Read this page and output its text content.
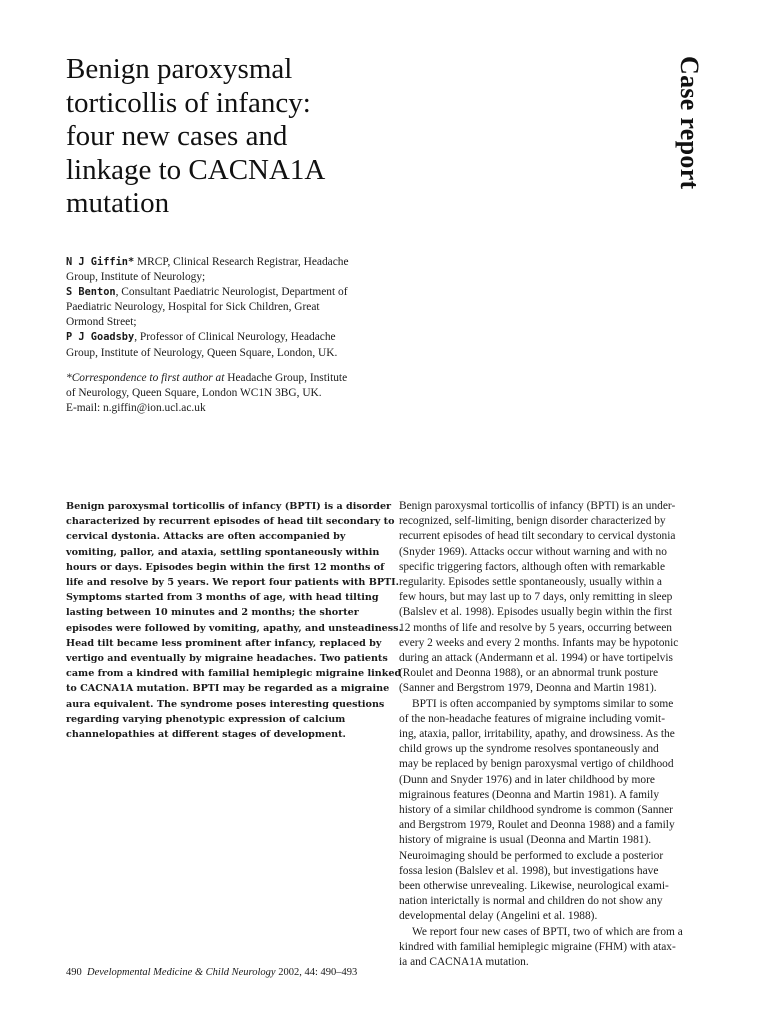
Benign paroxysmal
torticollis of infancy:
four new cases and
linkage to CACNA1A
mutation
Case report

N J Giffin* MRCP, Clinical Research Registrar, Headache

Group, Institute of Neurology;

S Benton, Consultant Paediatric Neurologist, Department of

Paediatric Neurology, Hospital for Sick Children, Great

Ormond Street;

P J Goadsby, Professor of Clinical Neurology, Headache

Group, Institute of Neurology, Queen Square, London, UK.

*Correspondence to first author at Headache Group, Institute

of Neurology, Queen Square, London WC1N 3BG, UK.

E-mail: n.giffin@ion.ucl.ac.uk

Benign paroxysmal torticollis of infancy (BPTI) is a disorder

characterized by recurrent episodes of head tilt secondary to

cervical dystonia. Attacks are often accompanied by

vomiting, pallor, and ataxia, settling spontaneously within

hours or days. Episodes begin within the first 12 months of

life and resolve by 5 years. We report four patients with BPTI.

Symptoms started from 3 months of age, with head tilting

lasting between 10 minutes and 2 months; the shorter

episodes were followed by vomiting, apathy, and unsteadiness.

Head tilt became less prominent after infancy, replaced by

vertigo and eventually by migraine headaches. Two patients

came from a kindred with familial hemiplegic migraine linked

to CACNA1A mutation. BPTI may be regarded as a migraine

aura equivalent. The syndrome poses interesting questions

regarding varying phenotypic expression of calcium

channelopathies at different stages of development.

Benign paroxysmal torticollis of infancy (BPTI) is an under-

recognized, self-limiting, benign disorder characterized by

recurrent episodes of head tilt secondary to cervical dystonia

(Snyder 1969). Attacks occur without warning and with no

specific triggering factors, although often with remarkable

regularity. Episodes settle spontaneously, usually within a

few hours, but may last up to 7 days, only remitting in sleep

(Balslev et al. 1998). Episodes usually begin within the first

12 months of life and resolve by 5 years, occurring between

every 2 weeks and every 2 months. Infants may be hypotonic

during an attack (Andermann et al. 1994) or have tortipelvis

(Roulet and Deonna 1988), or an abnormal trunk posture

(Sanner and Bergstrom 1979, Deonna and Martin 1981).

BPTI is often accompanied by symptoms similar to some

of the non-headache features of migraine including vomit-

ing, ataxia, pallor, irritability, apathy, and drowsiness. As the

child grows up the syndrome resolves spontaneously and

may be replaced by benign paroxysmal vertigo of childhood

(Dunn and Snyder 1976) and in later childhood by more

migrainous features (Deonna and Martin 1981). A family

history of a similar childhood syndrome is common (Sanner

and Bergstrom 1979, Roulet and Deonna 1988) and a family

history of migraine is usual (Deonna and Martin 1981).

Neuroimaging should be performed to exclude a posterior

fossa lesion (Balslev et al. 1998), but investigations have

been otherwise unrevealing. Likewise, neurological exami-

nation interictally is normal and children do not show any

developmental delay (Angelini et al. 1988).

We report four new cases of BPTI, two of which are from a

kindred with familial hemiplegic migraine (FHM) with atax-

ia and CACNA1A mutation.

490 Developmental Medicine & Child Neurology 2002, 44: 490–493
